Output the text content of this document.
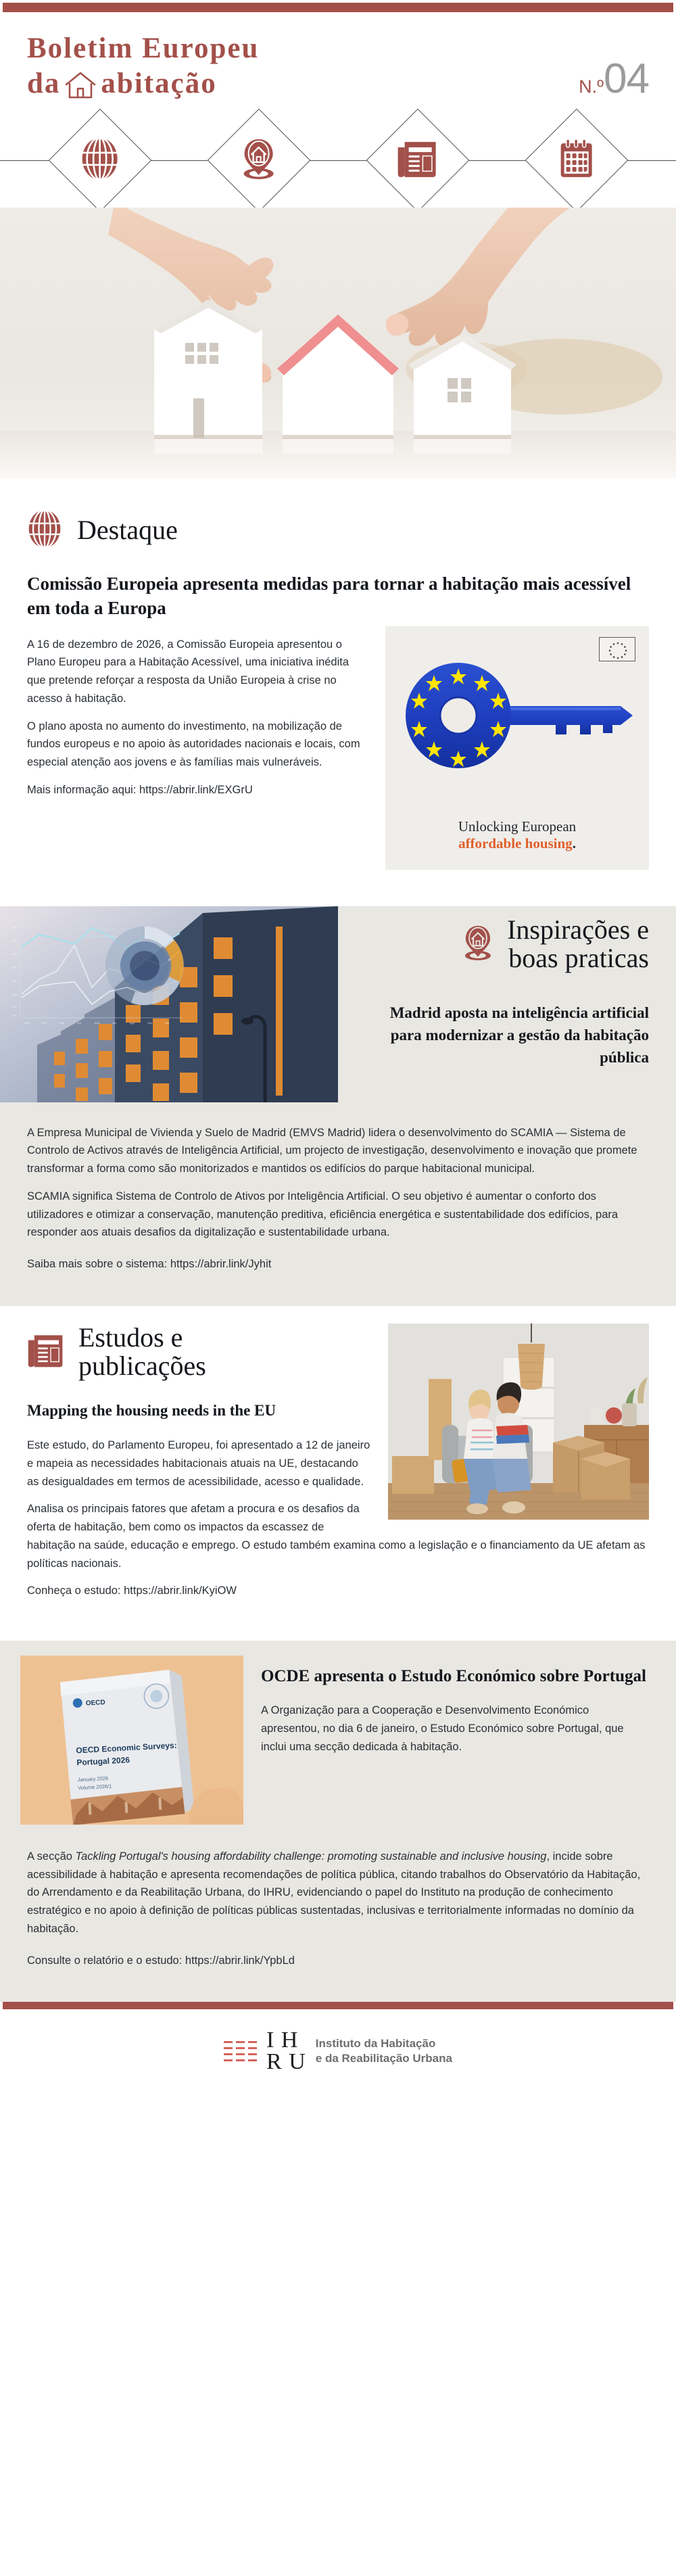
Boletim Europeu
da abitação	N.º 04
Destaque
Comissão Europeia apresenta medidas para tornar a habitação mais acessível em toda a Europa
Unlocking European
affordable housing.

A 16 de dezembro de 2026, a Comissão Europeia apresentou o Plano Europeu para a Habitação Acessível, uma iniciativa inédita que pretende reforçar a resposta da União Europeia à crise no acesso à habitação.

O plano aposta no aumento do investimento, na mobilização de fundos europeus e no apoio às autoridades nacionais e locais, com especial atenção aos jovens e às famílias mais vulneráveis.

Mais informação aqui: https://abrir.link/EXGrU

500
450
400
350
300
250
200
150
Ene	Feb	Mar	Abr	May	Jun	Ago	Sep	Oct
Consumo Energético 2024
Produção Renovável 2024	Inspirações e
boas praticas
Madrid aposta na inteligência artificial para modernizar a gestão da habitação pública

A Empresa Municipal de Vivienda y Suelo de Madrid (EMVS Madrid) lidera o desenvolvimento do SCAMIA — Sistema de Controlo de Activos através de Inteligência Artificial, um projecto de investigação, desenvolvimento e inovação que promete transformar a forma como são monitorizados e mantidos os edifícios do parque habitacional municipal.

SCAMIA significa Sistema de Controlo de Ativos por Inteligência Artificial. O seu objetivo é aumentar o conforto dos utilizadores e otimizar a conservação, manutenção preditiva, eficiência energética e sustentabilidade dos edifícios, para responder aos atuais desafios da digitalização e sustentabilidade urbana.

Saiba mais sobre o sistema: https://abrir.link/Jyhit

Estudos e
publicações
Mapping the housing needs in the EU

Este estudo, do Parlamento Europeu, foi apresentado a 12 de janeiro e mapeia as necessidades habitacionais atuais na UE, destacando as desigualdades em termos de acessibilidade, acesso e qualidade.

Analisa os principais fatores que afetam a procura e os desafios da oferta de habitação, bem como os impactos da escassez de habitação na saúde, educação e emprego. O estudo também examina como a legislação e o financiamento da UE afetam as políticas nacionais.

Conheça o estudo: https://abrir.link/KyiOW

OECD
OECD Economic Surveys:
Portugal 2026
January 2026
Volume 2026/1
OCDE apresenta o Estudo Económico sobre Portugal

A Organização para a Cooperação e Desenvolvimento Económico apresentou, no dia 6 de janeiro, o Estudo Económico sobre Portugal, que inclui uma secção dedicada à habitação.

A secção Tackling Portugal's housing affordability challenge: promoting sustainable and inclusive housing, incide sobre acessibilidade à habitação e apresenta recomendações de política pública, citando trabalhos do Observatório da Habitação, do Arrendamento e da Reabilitação Urbana, do IHRU, evidenciando o papel do Instituto na produção de conhecimento estratégico e no apoio à definição de políticas públicas sustentadas, inclusivas e territorialmente informadas no domínio da habitação.

Consulte o relatório e o estudo: https://abrir.link/YpbLd

I H
R U
Instituto da Habitação
e da Reabilitação Urbana
